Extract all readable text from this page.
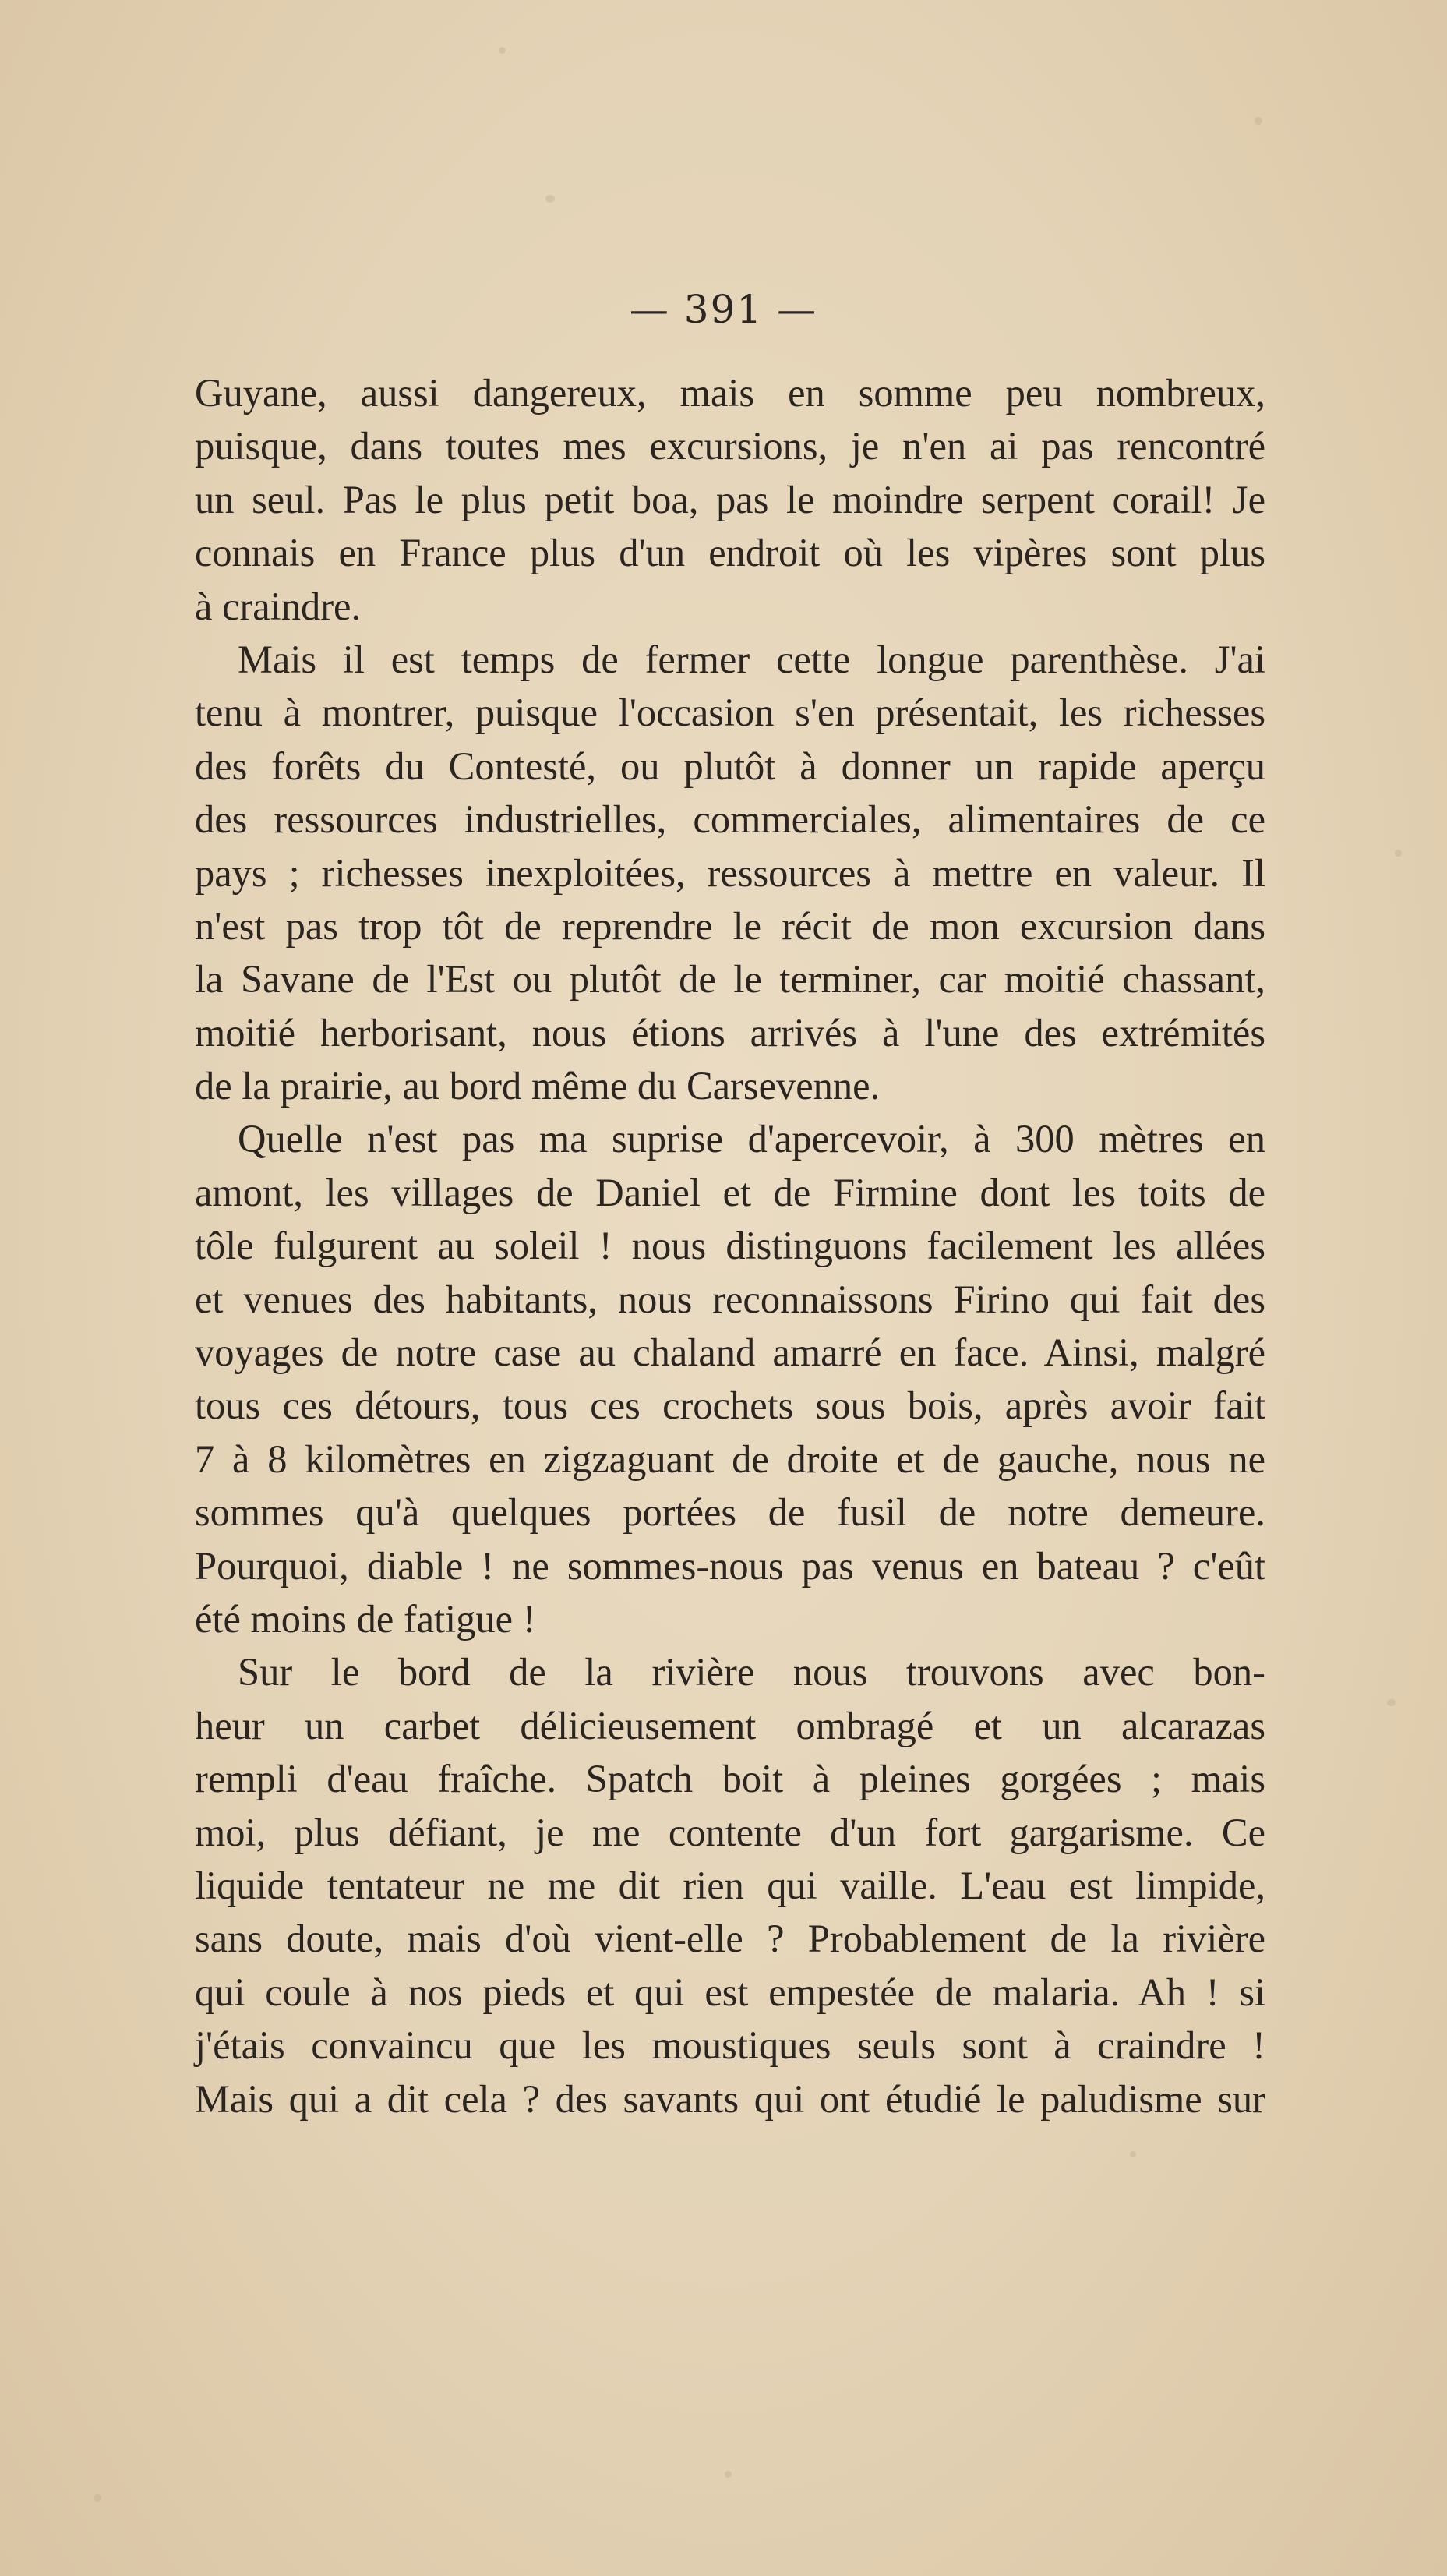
— 391 —
Guyane, aussi dangereux, mais en somme peu nombreux,
puisque, dans toutes mes excursions, je n'en ai pas rencontré
un seul. Pas le plus petit boa, pas le moindre serpent corail! Je
connais en France plus d'un endroit où les vipères sont plus
à craindre.
Mais il est temps de fermer cette longue parenthèse. J'ai
tenu à montrer, puisque l'occasion s'en présentait, les richesses
des forêts du Contesté, ou plutôt à donner un rapide aperçu
des ressources industrielles, commerciales, alimentaires de ce
pays ; richesses inexploitées, ressources à mettre en valeur. Il
n'est pas trop tôt de reprendre le récit de mon excursion dans
la Savane de l'Est ou plutôt de le terminer, car moitié chassant,
moitié herborisant, nous étions arrivés à l'une des extrémités
de la prairie, au bord même du Carsevenne.
Quelle n'est pas ma suprise d'apercevoir, à 300 mètres en
amont, les villages de Daniel et de Firmine dont les toits de
tôle fulgurent au soleil ! nous distinguons facilement les allées
et venues des habitants, nous reconnaissons Firino qui fait des
voyages de notre case au chaland amarré en face. Ainsi, malgré
tous ces détours, tous ces crochets sous bois, après avoir fait
7 à 8 kilomètres en zigzaguant de droite et de gauche, nous ne
sommes qu'à quelques portées de fusil de notre demeure.
Pourquoi, diable ! ne sommes-nous pas venus en bateau ? c'eût
été moins de fatigue !
Sur le bord de la rivière nous trouvons avec bon-
heur un carbet délicieusement ombragé et un alcarazas
rempli d'eau fraîche. Spatch boit à pleines gorgées ; mais
moi, plus défiant, je me contente d'un fort gargarisme. Ce
liquide tentateur ne me dit rien qui vaille. L'eau est limpide,
sans doute, mais d'où vient-elle ? Probablement de la rivière
qui coule à nos pieds et qui est empestée de malaria. Ah ! si
j'étais convaincu que les moustiques seuls sont à craindre !
Mais qui a dit cela ? des savants qui ont étudié le paludisme sur
